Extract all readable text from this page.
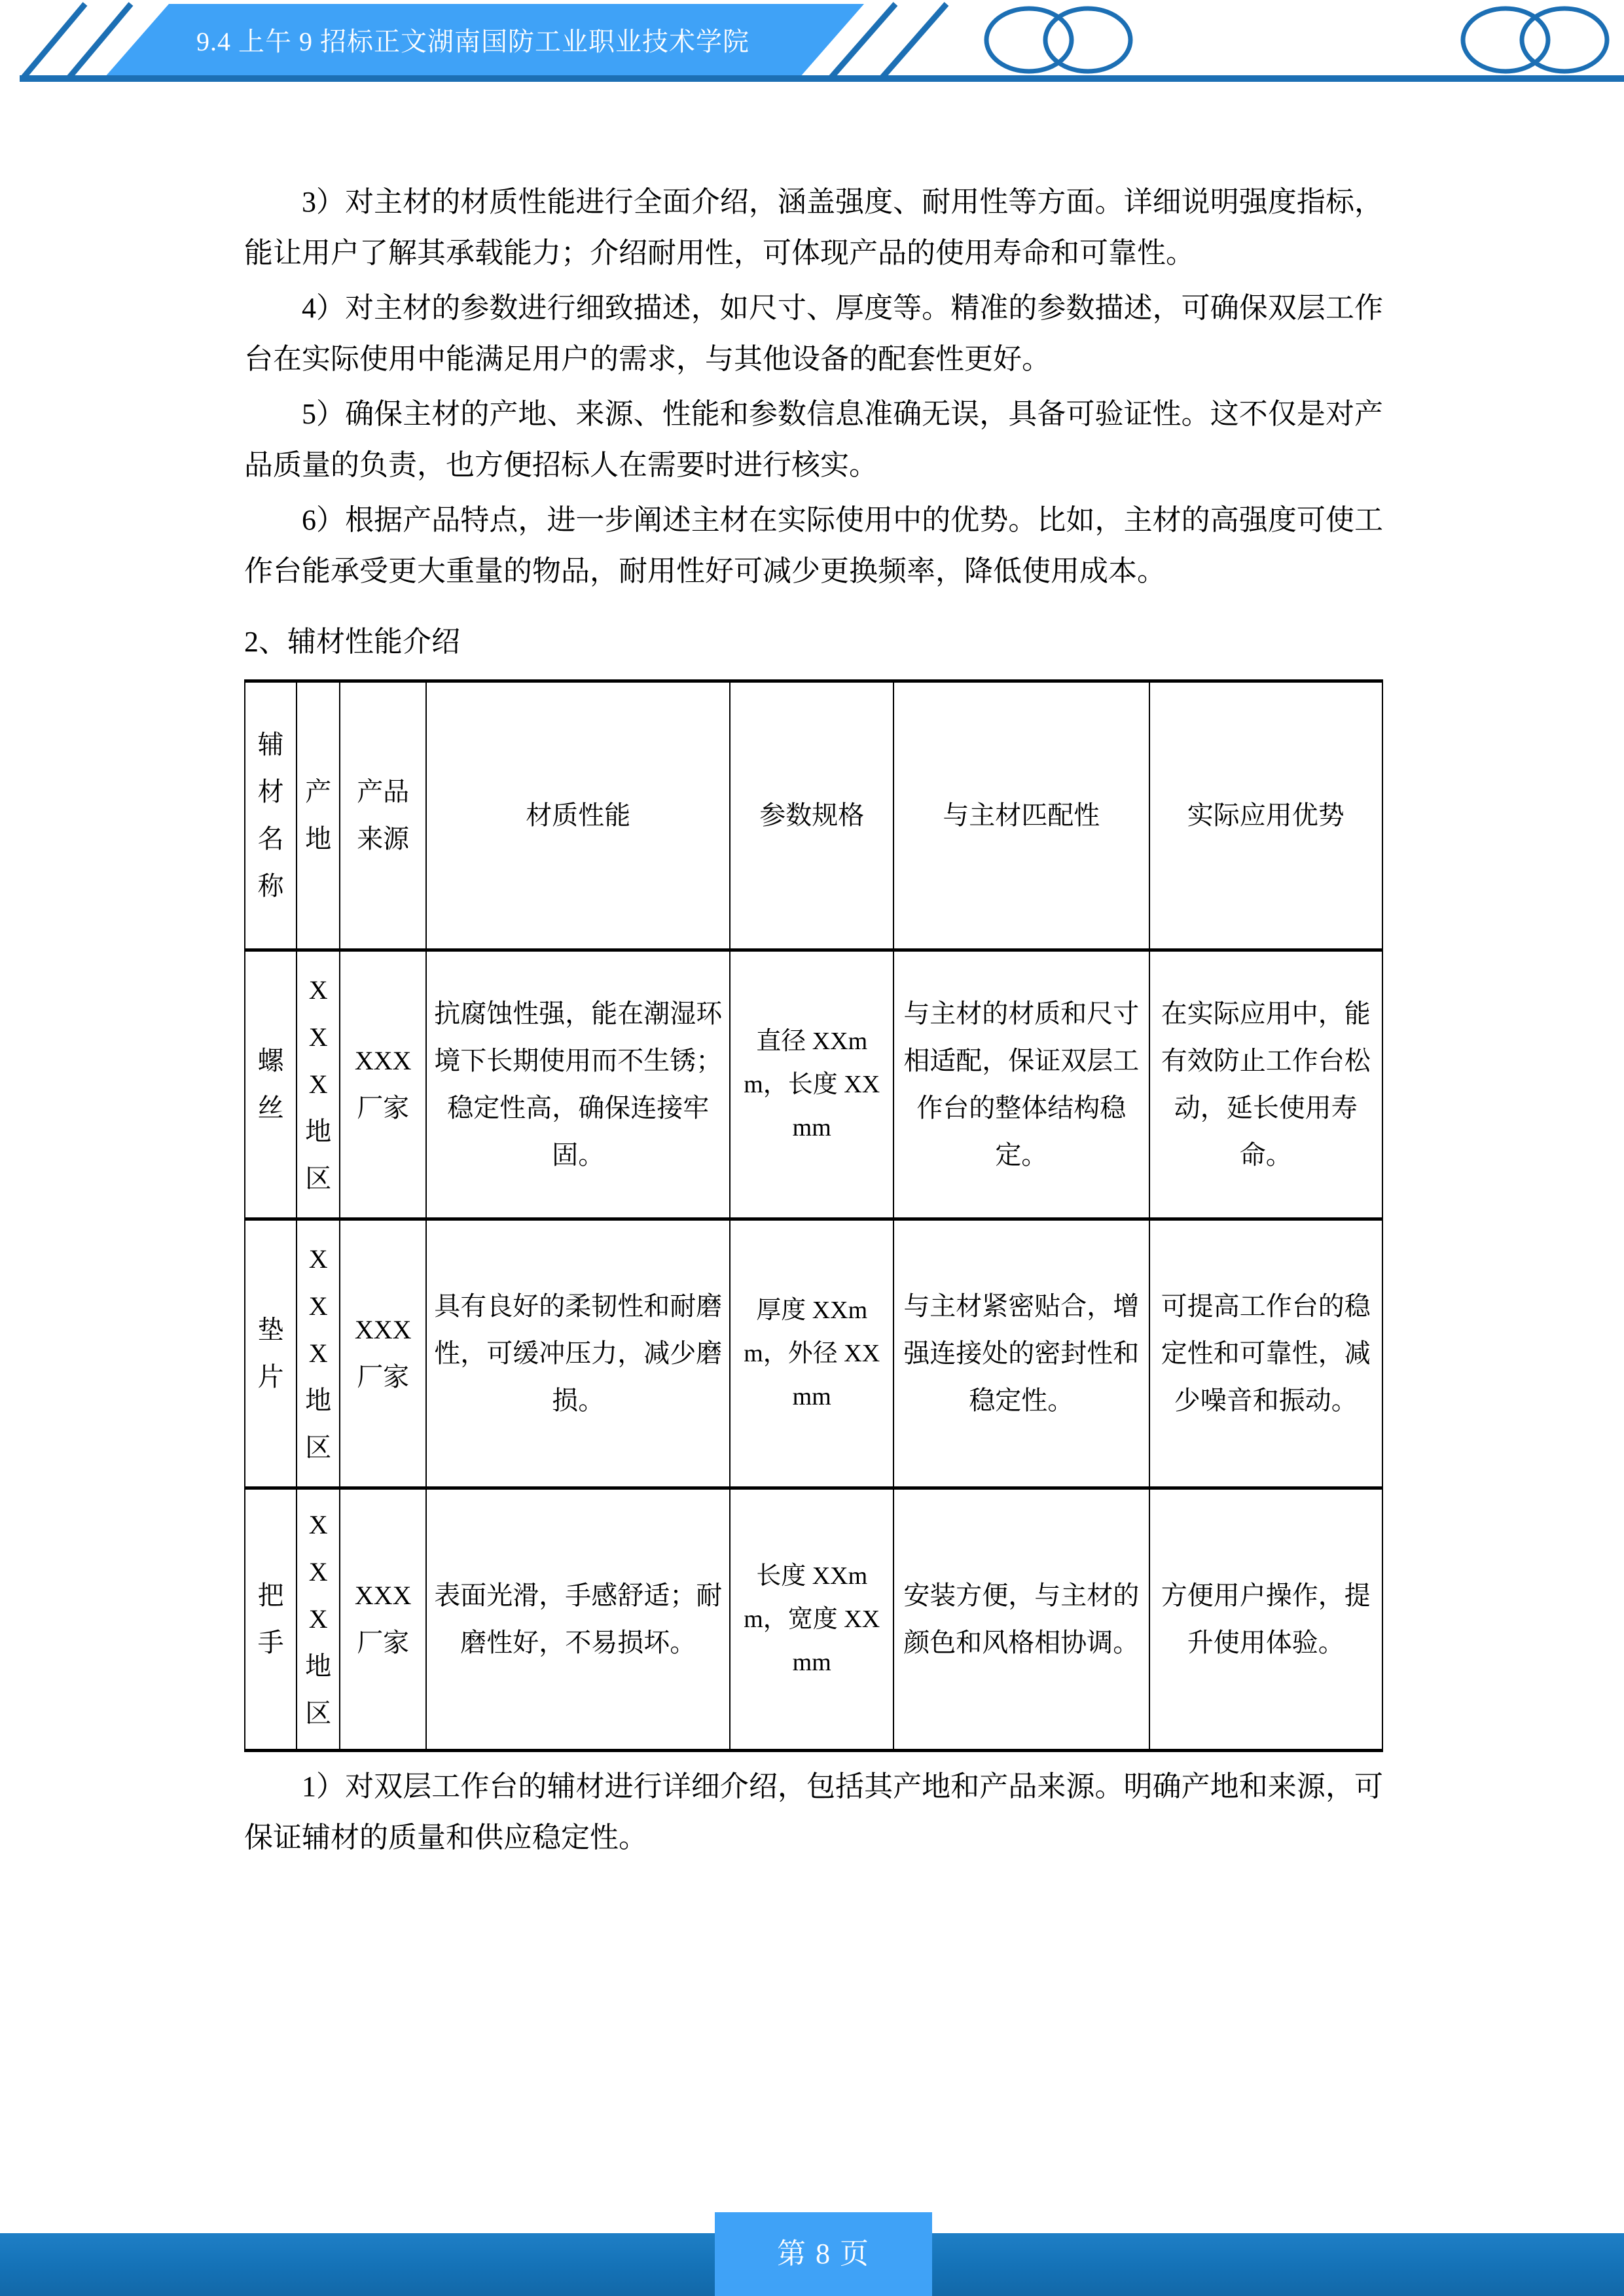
9.4 上午 9 招标正文湖南国防工业职业技术学院

3）对主材的材质性能进行全面介绍，涵盖强度、耐用性等方面。详细说明强度指标，能让用户了解其承载能力；介绍耐用性，可体现产品的使用寿命和可靠性。

4）对主材的参数进行细致描述，如尺寸、厚度等。精准的参数描述，可确保双层工作台在实际使用中能满足用户的需求，与其他设备的配套性更好。

5）确保主材的产地、来源、性能和参数信息准确无误，具备可验证性。这不仅是对产品质量的负责，也方便招标人在需要时进行核实。

6）根据产品特点，进一步阐述主材在实际使用中的优势。比如，主材的高强度可使工作台能承受更大重量的物品，耐用性好可减少更换频率，降低使用成本。

2、辅材性能介绍
辅材名称	产地	产品来源	材质性能	参数规格	与主材匹配性	实际应用优势
螺丝	XXX地区	XXX厂家	抗腐蚀性强，能在潮湿环境下长期使用而不生锈；稳定性高，确保连接牢固。	直径 XXmm，长度 XXmm	与主材的材质和尺寸相适配，保证双层工作台的整体结构稳定。	在实际应用中，能有效防止工作台松动，延长使用寿命。
垫片	XXX地区	XXX厂家	具有良好的柔韧性和耐磨性，可缓冲压力，减少磨损。	厚度 XXmm，外径 XXmm	与主材紧密贴合，增强连接处的密封性和稳定性。	可提高工作台的稳定性和可靠性，减少噪音和振动。
把手	XXX地区	XXX厂家	表面光滑，手感舒适；耐磨性好，不易损坏。	长度 XXmm，宽度 XXmm	安装方便，与主材的颜色和风格相协调。	方便用户操作，提升使用体验。

1）对双层工作台的辅材进行详细介绍，包括其产地和产品来源。明确产地和来源，可保证辅材的质量和供应稳定性。

第 8 页
